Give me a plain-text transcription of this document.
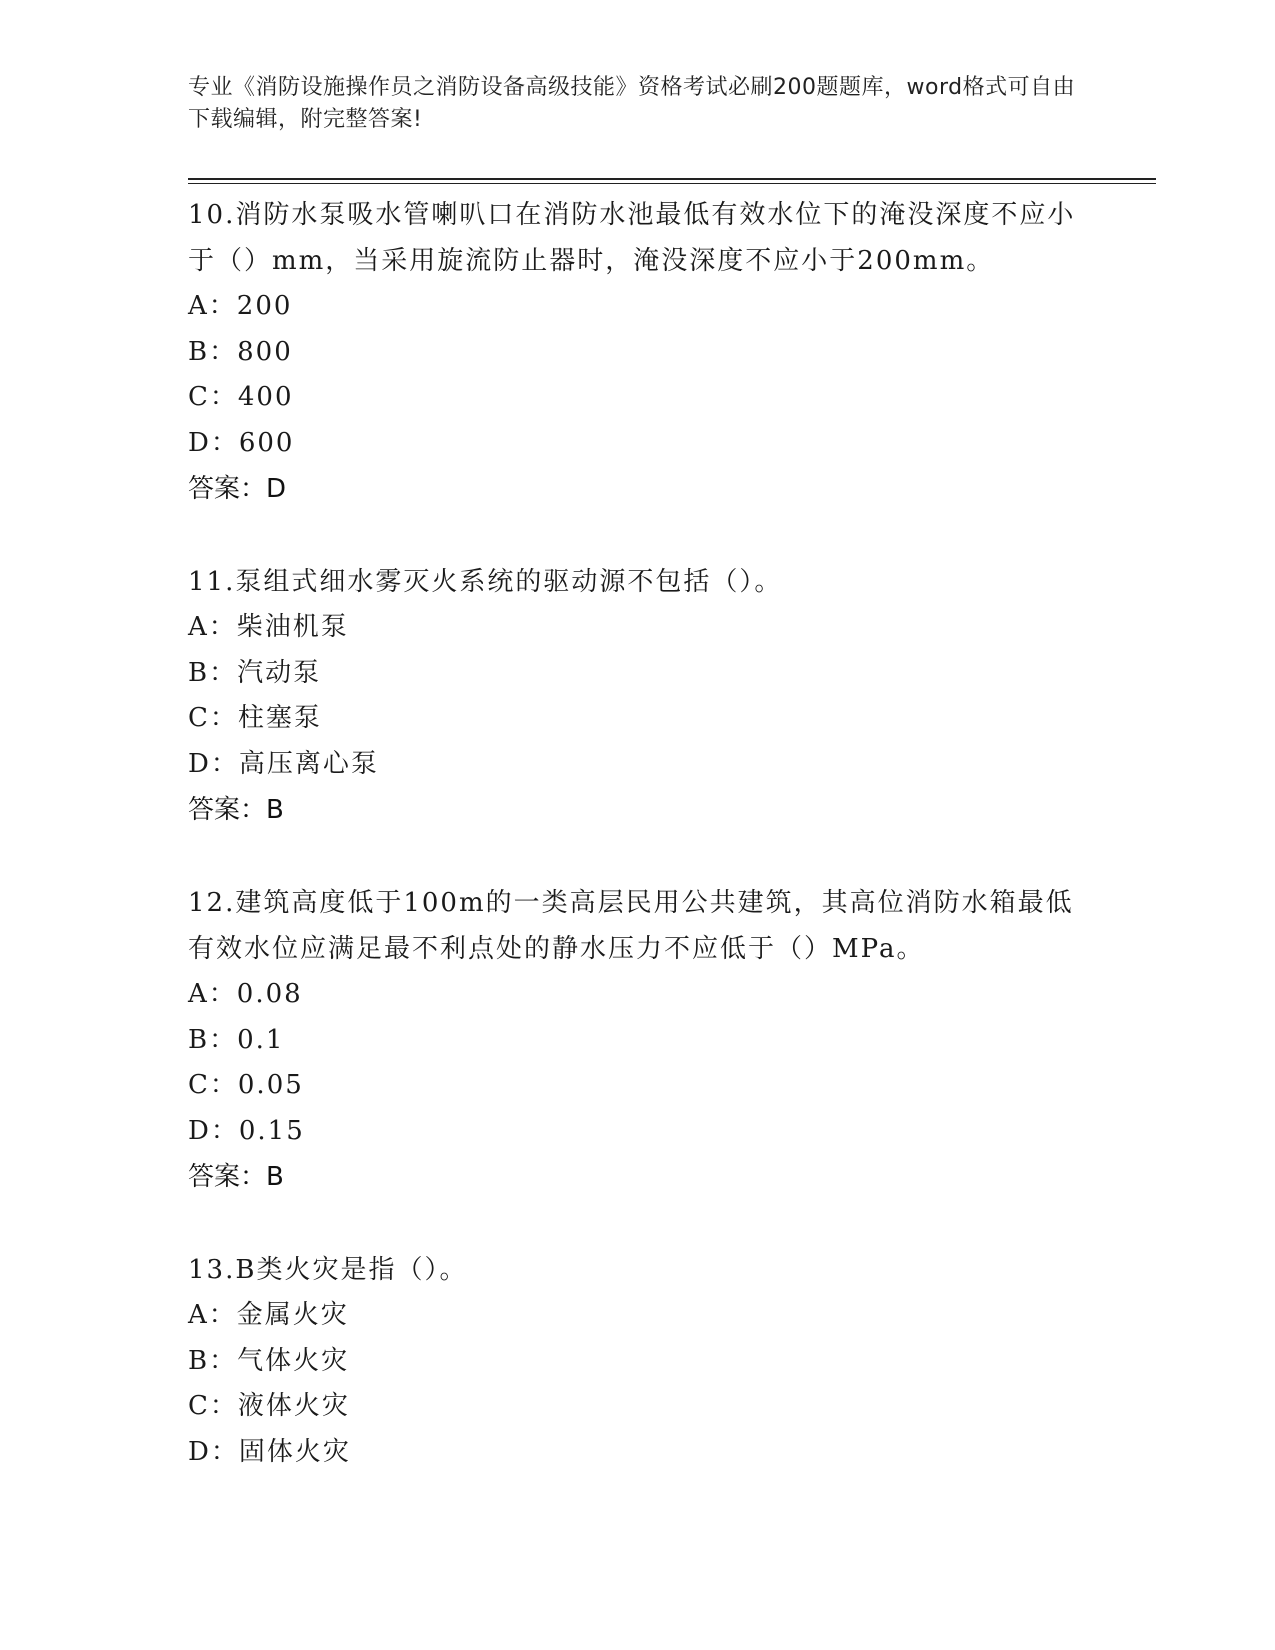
专业《消防设施操作员之消防设备高级技能》资格考试必刷200题题库，word格式可自由下载编辑，附完整答案!
10.消防水泵吸水管喇叭口在消防水池最低有效水位下的淹没深度不应小于（）mm，当采用旋流防止器时，淹没深度不应小于200mm。
A：200
B：800
C：400
D：600
答案：D
11.泵组式细水雾灭火系统的驱动源不包括（）。
A：柴油机泵
B：汽动泵
C：柱塞泵
D：高压离心泵
答案：B
12.建筑高度低于100m的一类高层民用公共建筑，其高位消防水箱最低有效水位应满足最不利点处的静水压力不应低于（）MPa。
A：0.08
B：0.1
C：0.05
D：0.15
答案：B
13.B类火灾是指（）。
A：金属火灾
B：气体火灾
C：液体火灾
D：固体火灾
